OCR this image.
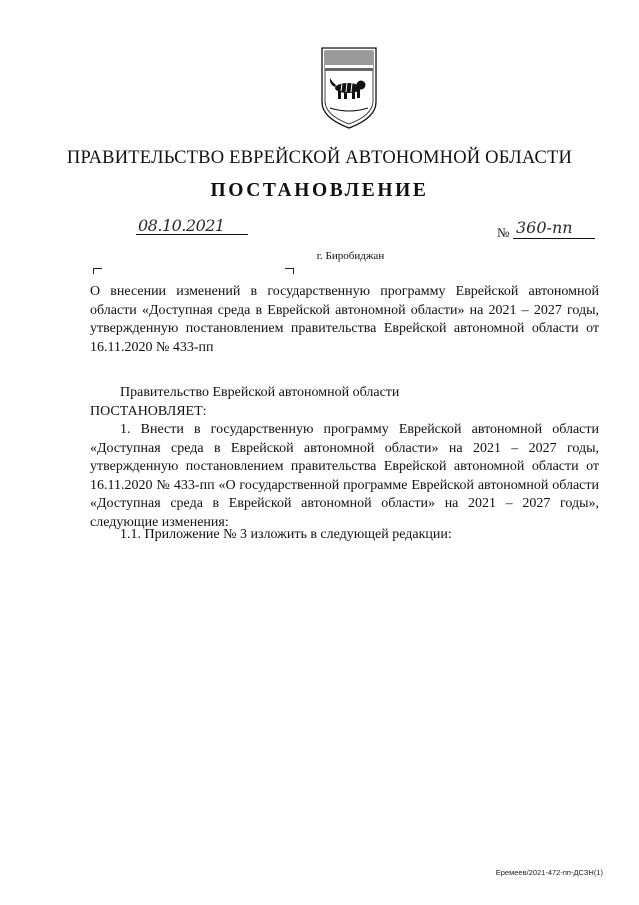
ПРАВИТЕЛЬСТВО ЕВРЕЙСКОЙ АВТОНОМНОЙ ОБЛАСТИ
ПОСТАНОВЛЕНИЕ
08.10.2021	№ 360-пп
г. Биробиджан
О внесении изменений в государственную программу Еврейской автономной области «Доступная среда в Еврейской автономной области» на 2021 – 2027 годы, утвержденную постановлением правительства Еврейской автономной области от 16.11.2020 № 433-пп
Правительство Еврейской автономной области
ПОСТАНОВЛЯЕТ:
1. Внести в государственную программу Еврейской автономной области «Доступная среда в Еврейской автономной области» на 2021 – 2027 годы, утвержденную постановлением правительства Еврейской автономной области от 16.11.2020 № 433-пп «О государственной программе Еврейской автономной области «Доступная среда в Еврейской автономной области» на 2021 – 2027 годы», следующие изменения:
1.1. Приложение № 3 изложить в следующей редакции:
Еремеев/2021-472-пп-ДСЗН(1)
